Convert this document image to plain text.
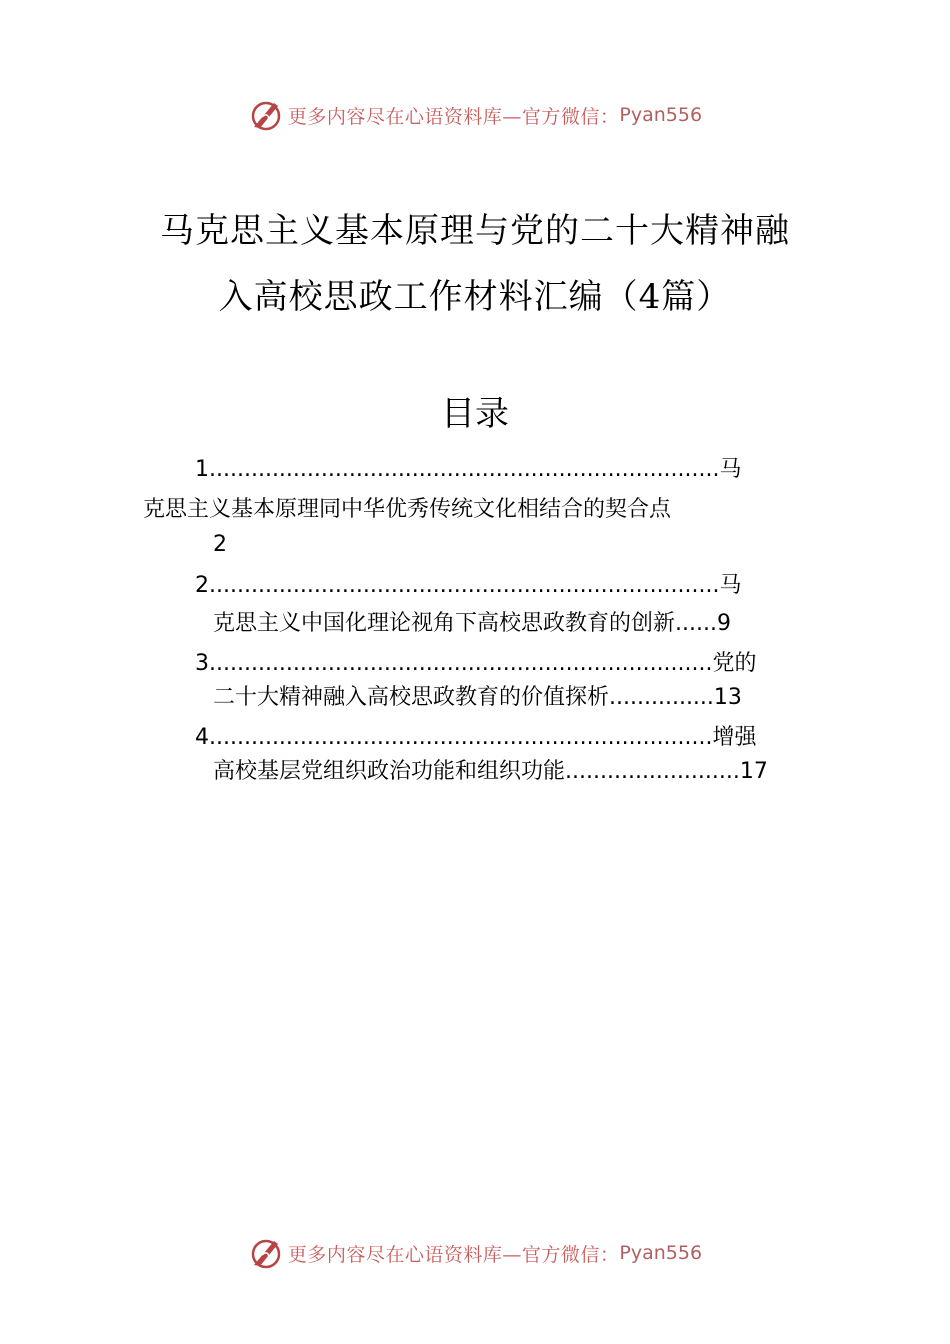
更多内容尽在心语资料库—官方微信： Pyan556
马克思主义基本原理与党的二十大精神融
入高校思政工作材料汇编（4篇）
目录
1.........................................................................马
克思主义基本原理同中华优秀传统文化相结合的契合点
2
2.........................................................................马
克思主义中国化理论视角下高校思政教育的创新......9
3........................................................................党的
二十大精神融入高校思政教育的价值探析...............13
4........................................................................增强
高校基层党组织政治功能和组织功能.........................17
更多内容尽在心语资料库—官方微信： Pyan556
